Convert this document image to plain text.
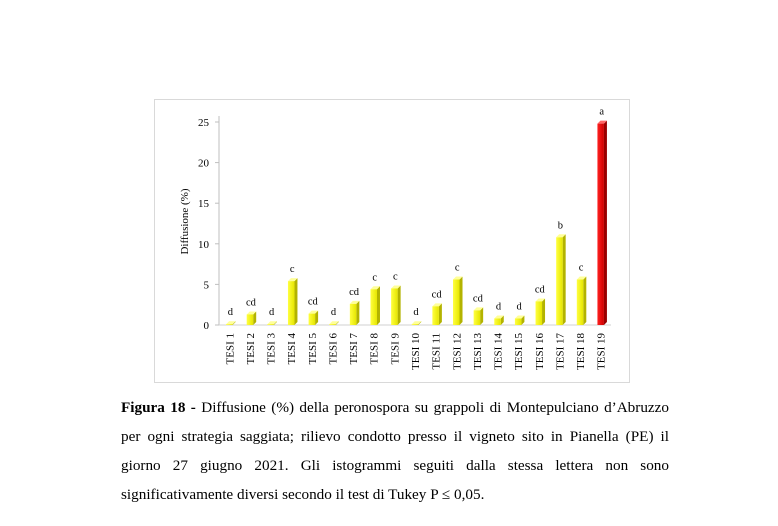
0
5
10
15
20
25
Diffusione (%)
d
TESI 1
cd
TESI 2
d
TESI 3
c
TESI 4
cd
TESI 5
d
TESI 6
cd
TESI 7
c
TESI 8
c
TESI 9
d
TESI 10
cd
TESI 11
c
TESI 12
cd
TESI 13
d
TESI 14
d
TESI 15
cd
TESI 16
b
TESI 17
c
TESI 18
a
TESI 19
Figura 18 - Diffusione (%) della peronospora su grappoli di Montepulciano d’Abruzzo per ogni strategia saggiata; rilievo condotto presso il vigneto sito in Pianella (PE) il giorno 27 giugno 2021. Gli istogrammi seguiti dalla stessa lettera non sono significativamente diversi secondo il test di Tukey P ≤ 0,05.
